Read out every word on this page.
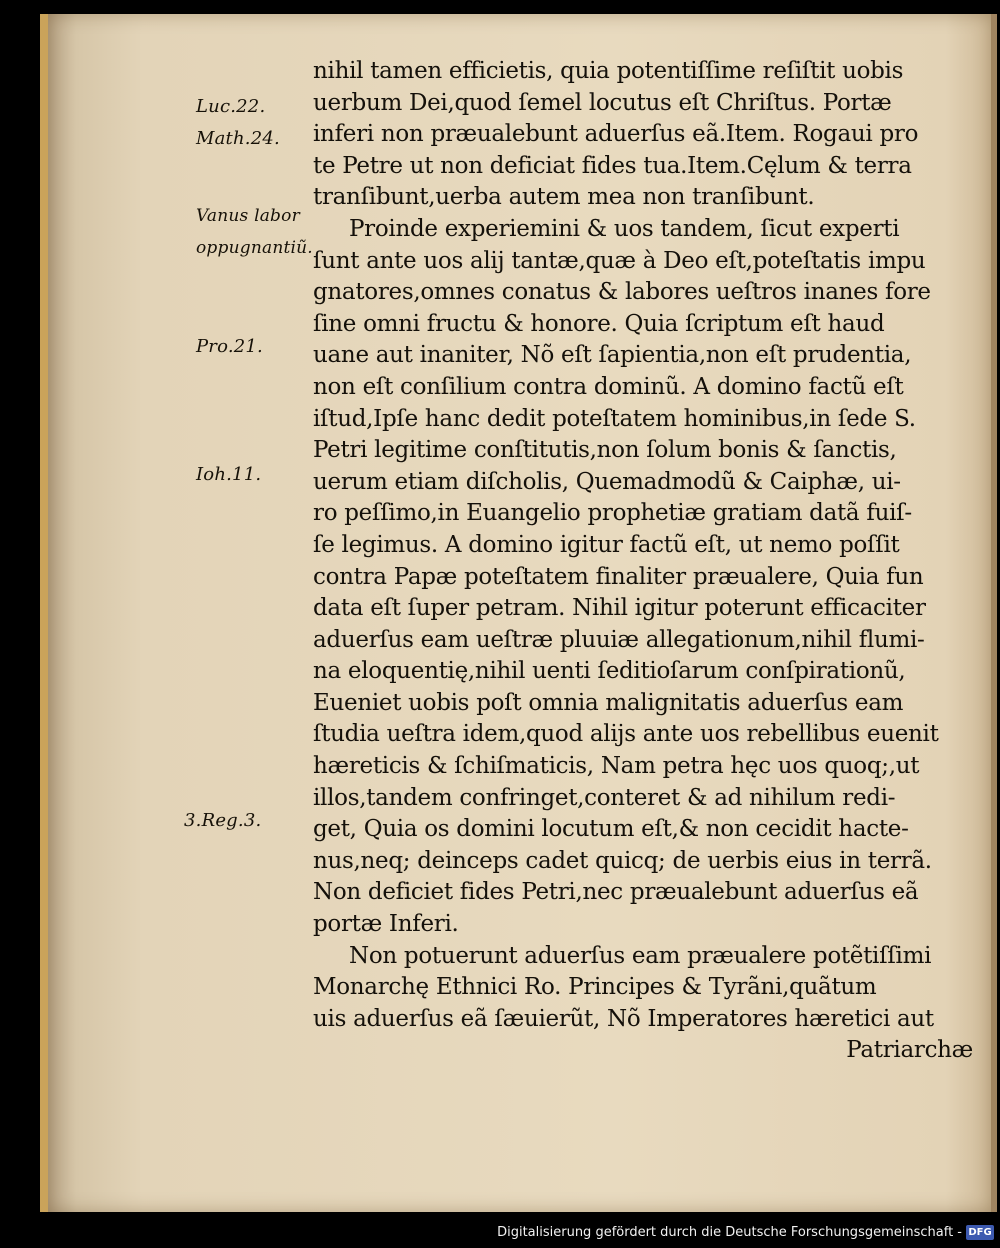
Luc.22.
Math.24.
Vanus labor
oppugnantiũ.
Pro.21.
Ioh.11.
3.Reg.3.
nihil tamen efficietis, quia potentiſſime reſiſtit uobis
uerbum Dei,quod ſemel locutus eſt Chriſtus. Portæ
inferi non præualebunt aduerſus eã.Item. Rogaui pro
te Petre ut non deficiat fides tua.Item.Cęlum & terra
tranſibunt,uerba autem mea non tranſibunt.
Proinde experiemini & uos tandem, ſicut experti
ſunt ante uos alij tantæ,quæ à Deo eſt,poteſtatis impu
gnatores,omnes conatus & labores ueſtros inanes fore
ſine omni fructu & honore. Quia ſcriptum eſt haud
uane aut inaniter, Nõ eſt ſapientia,non eſt prudentia,
non eſt conſilium contra dominũ. A domino factũ eſt
iſtud,Ipſe hanc dedit poteſtatem hominibus,in ſede S.
Petri legitime conſtitutis,non ſolum bonis & ſanctis,
uerum etiam diſcholis, Quemadmodũ & Caiphæ, ui-
ro peſſimo,in Euangelio prophetiæ gratiam datã fuiſ-
ſe legimus. A domino igitur factũ eſt, ut nemo poſſit
contra Papæ poteſtatem finaliter præualere, Quia fun
data eſt ſuper petram. Nihil igitur poterunt efficaciter
aduerſus eam ueſtræ pluuiæ allegationum,nihil flumi-
na eloquentię,nihil uenti ſeditioſarum conſpirationũ,
Eueniet uobis poſt omnia malignitatis aduerſus eam
ſtudia ueſtra idem,quod alijs ante uos rebellibus euenit
hæreticis & ſchiſmaticis, Nam petra hęc uos quoq;,ut
illos,tandem confringet,conteret & ad nihilum redi-
get, Quia os domini locutum eſt,& non cecidit hacte-
nus,neq; deinceps cadet quicq; de uerbis eius in terrã.
Non deficiet fides Petri,nec præualebunt aduerſus eã
portæ Inferi.
Non potuerunt aduerſus eam præualere potẽtiſſimi
Monarchę Ethnici Ro. Principes & Tyrãni,quãtum
uis aduerſus eã ſæuierũt, Nõ Imperatores hæretici aut
Patriarchæ
Digitalisierung gefördert durch die Deutsche Forschungsgemeinschaft - DFG
